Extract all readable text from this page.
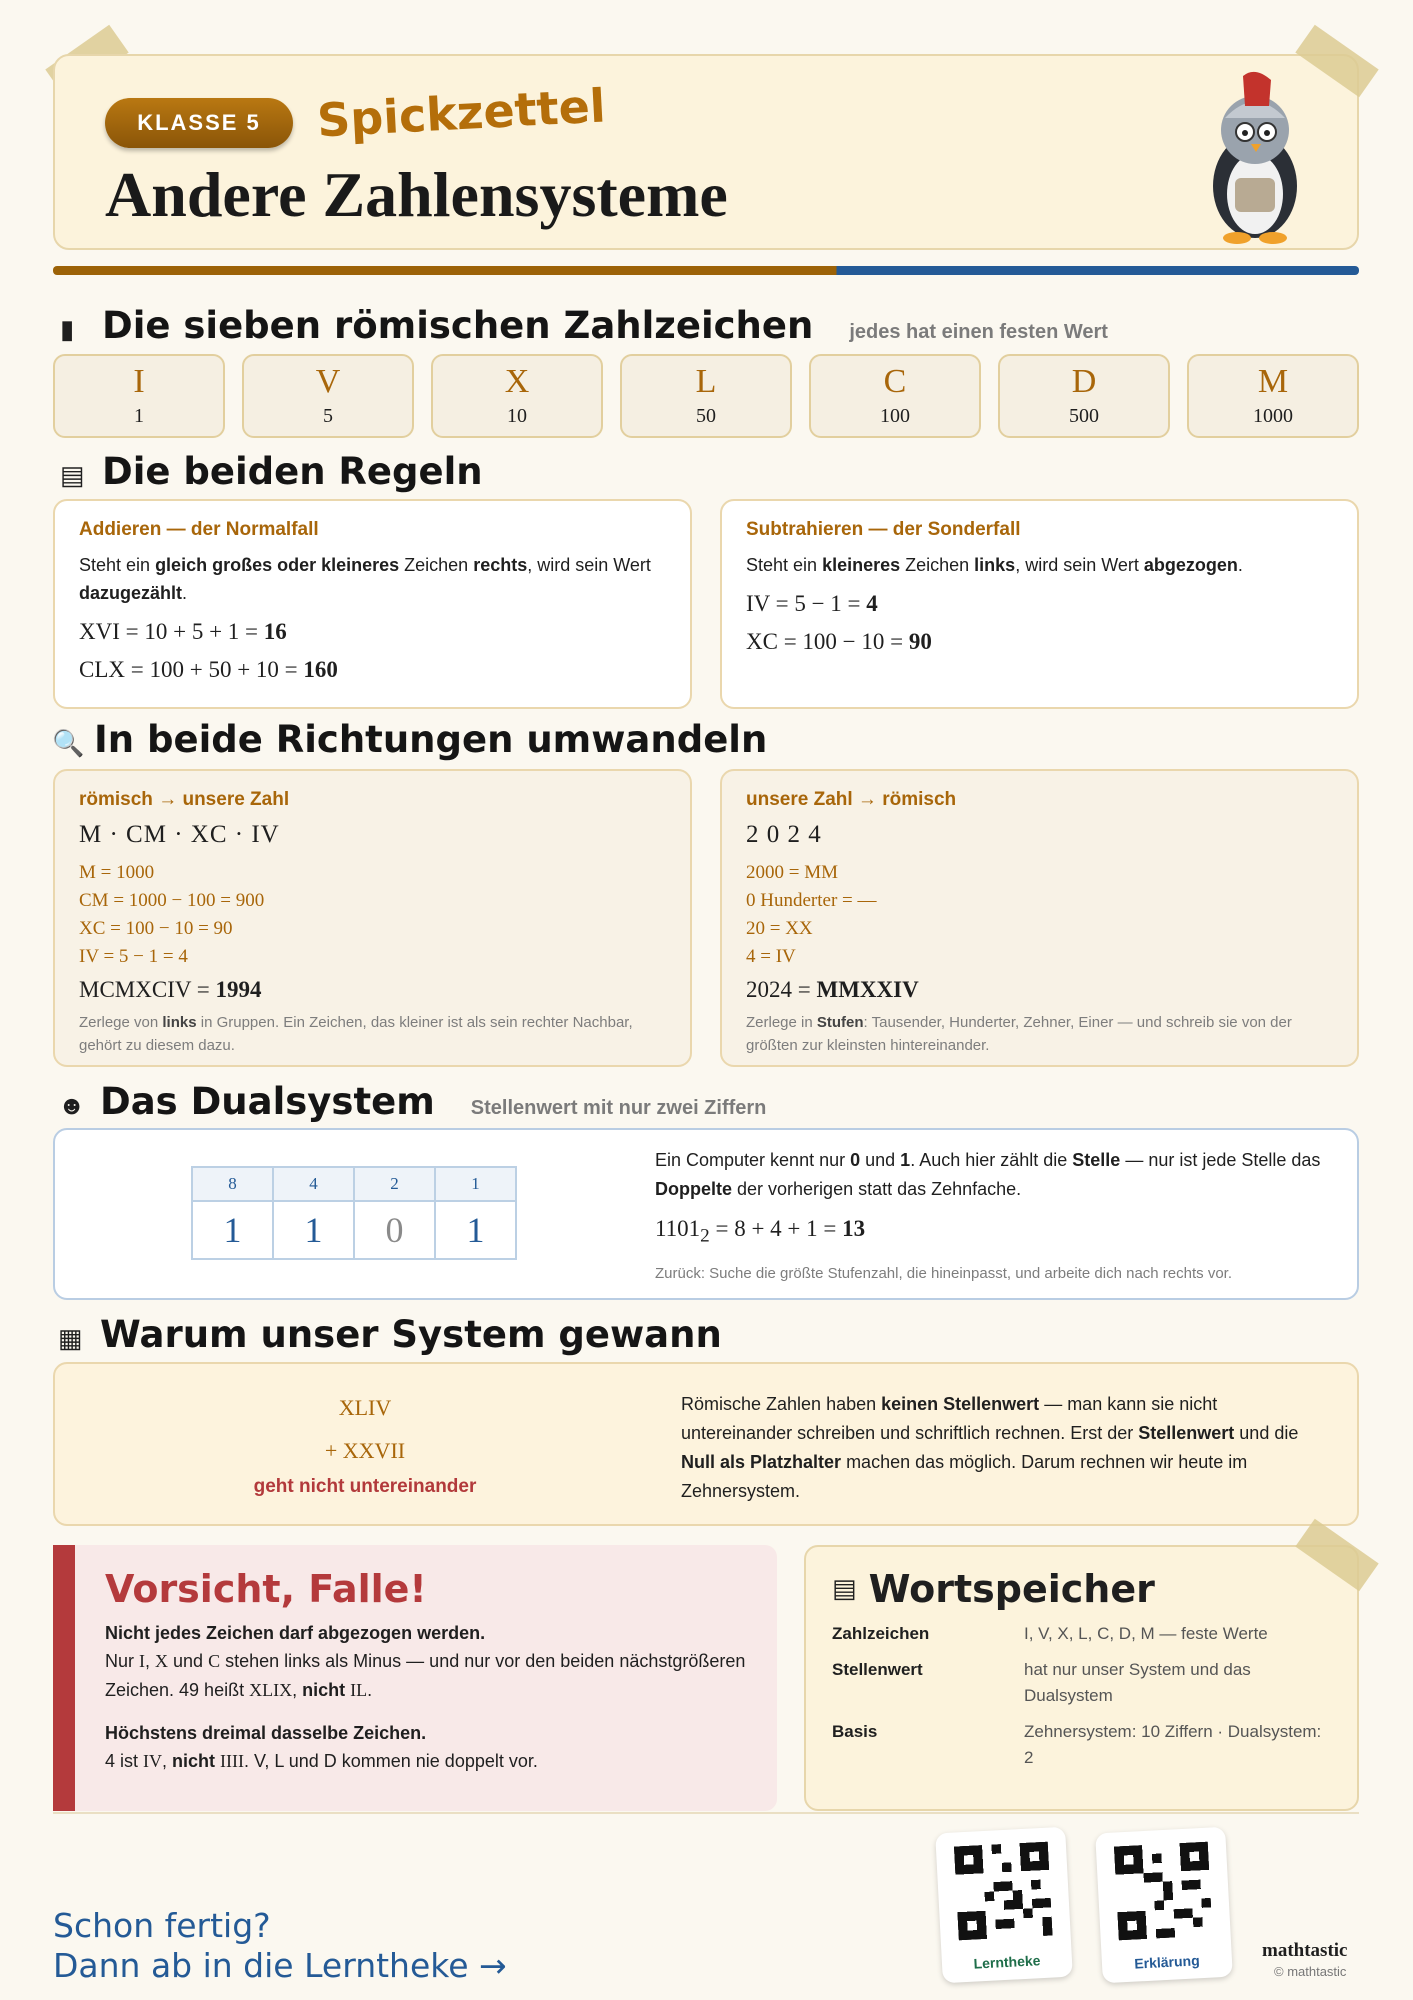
KLASSE 5	Spickzettel
Andere Zahlensysteme
▮ Die sieben römischen Zahlzeichen jedes hat einen festen Wert
I
1
V
5
X
10
L
50
C
100
D
500
M
1000
▤ Die beiden Regeln
Addieren — der Normalfall

Steht ein gleich großes oder kleineres Zeichen rechts, wird sein Wert dazugezählt.

XVI = 10 + 5 + 1 = 16
CLX = 100 + 50 + 10 = 160
Subtrahieren — der Sonderfall

Steht ein kleineres Zeichen links, wird sein Wert abgezogen.

IV = 5 − 1 = 4
XC = 100 − 10 = 90
🔍 In beide Richtungen umwandeln
römisch → unsere Zahl
M · CM · XC · IV
M = 1000
CM = 1000 − 100 = 900
XC = 100 − 10 = 90
IV = 5 − 1 = 4
MCMXCIV = 1994
Zerlege von links in Gruppen. Ein Zeichen, das kleiner ist als sein rechter Nachbar, gehört zu diesem dazu.
unsere Zahl → römisch
2 0 2 4
2000 = MM
0 Hunderter = —
20 = XX
4 = IV
2024 = MMXXIV
Zerlege in Stufen: Tausender, Hunderter, Zehner, Einer — und schreib sie von der größten zur kleinsten hintereinander.
☻ Das Dualsystem Stellenwert mit nur zwei Ziffern
8	4	2	1
1	1	0	1

Ein Computer kennt nur 0 und 1. Auch hier zählt die Stelle — nur ist jede Stelle das Doppelte der vorherigen statt das Zehnfache.

$1101_2 = 8 + 4 + 1 = 13$
Zurück: Suche die größte Stufenzahl, die hineinpasst, und arbeite dich nach rechts vor.
▦ Warum unser System gewann
XLIV
+ XXVII
geht nicht untereinander
Römische Zahlen haben keinen Stellenwert — man kann sie nicht untereinander schreiben und schriftlich rechnen. Erst der Stellenwert und die Null als Platzhalter machen das möglich. Darum rechnen wir heute im Zehnersystem.
Vorsicht, Falle!
Nicht jedes Zeichen darf abgezogen werden.

Nur I, X und C stehen links als Minus — und nur vor den beiden nächstgrößeren Zeichen. 49 heißt XLIX, nicht IL.

Höchstens dreimal dasselbe Zeichen.

4 ist IV, nicht IIII. V, L und D kommen nie doppelt vor.

▤ Wortspeicher
Zahlzeichen	I, V, X, L, C, D, M — feste Werte
Stellenwert	hat nur unser System und das Dualsystem
Basis	Zehnersystem: 10 Ziffern · Dualsystem: 2
Schon fertig?
Dann ab in die Lerntheke →	Lerntheke	Erklärung
mathtastic
© mathtastic
